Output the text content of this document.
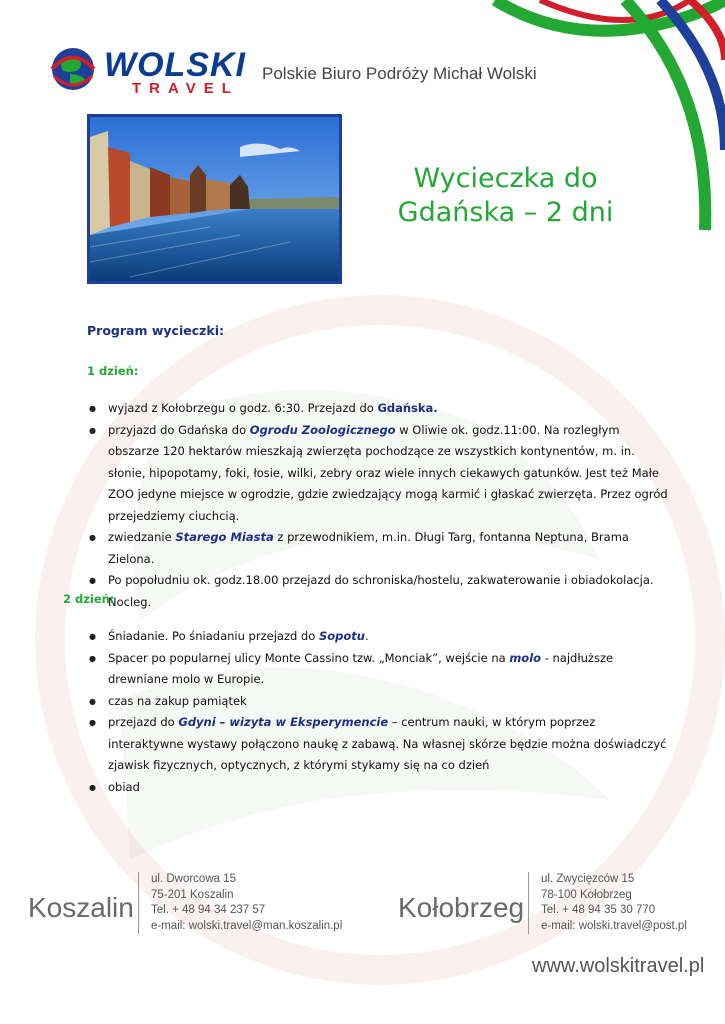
WOLSKI
TRAVEL
Polskie Biuro Podróży Michał Wolski
Wycieczka do
Gdańska – 2 dni
Program wycieczki:
1 dzień:
● wyjazd z Kołobrzegu o godz. 6:30. Przejazd do Gdańska.
● przyjazd do Gdańska do Ogrodu Zoologicznego w Oliwie ok. godz.11:00. Na rozległym obszarze 120 hektarów mieszkają zwierzęta pochodzące ze wszystkich kontynentów, m. in. słonie, hipopotamy, foki, łosie, wilki, zebry oraz wiele innych ciekawych gatunków. Jest też Małe ZOO jedyne miejsce w ogrodzie, gdzie zwiedzający mogą karmić i głaskać zwierzęta. Przez ogród przejedziemy ciuchcią.
● zwiedzanie Starego Miasta z przewodnikiem, m.in. Długi Targ, fontanna Neptuna, Brama Zielona.
● Po popołudniu ok. godz.18.00 przejazd do schroniska/hostelu, zakwaterowanie i obiadokolacja. Nocleg.
2 dzień:
● Śniadanie. Po śniadaniu przejazd do Sopotu.
● Spacer po popularnej ulicy Monte Cassino tzw. „Monciak”, wejście na molo - najdłuższe drewniane molo w Europie.
● czas na zakup pamiątek
● przejazd do Gdyni – wizyta w Eksperymencie – centrum nauki, w którym poprzez interaktywne wystawy połączono naukę z zabawą. Na własnej skórze będzie można doświadczyć zjawisk fizycznych, optycznych, z którymi stykamy się na co dzień
● obiad
Koszalin
ul. Dworcowa 15
75-201 Koszalin
Tel. + 48 94 34 237 57
e-mail: wolski.travel@man.koszalin.pl
Kołobrzeg
ul. Zwycięzców 15
78-100 Kołobrzeg
Tel. + 48 94 35 30 770
e-mail: wolski.travel@post.pl
www.wolskitravel.pl
